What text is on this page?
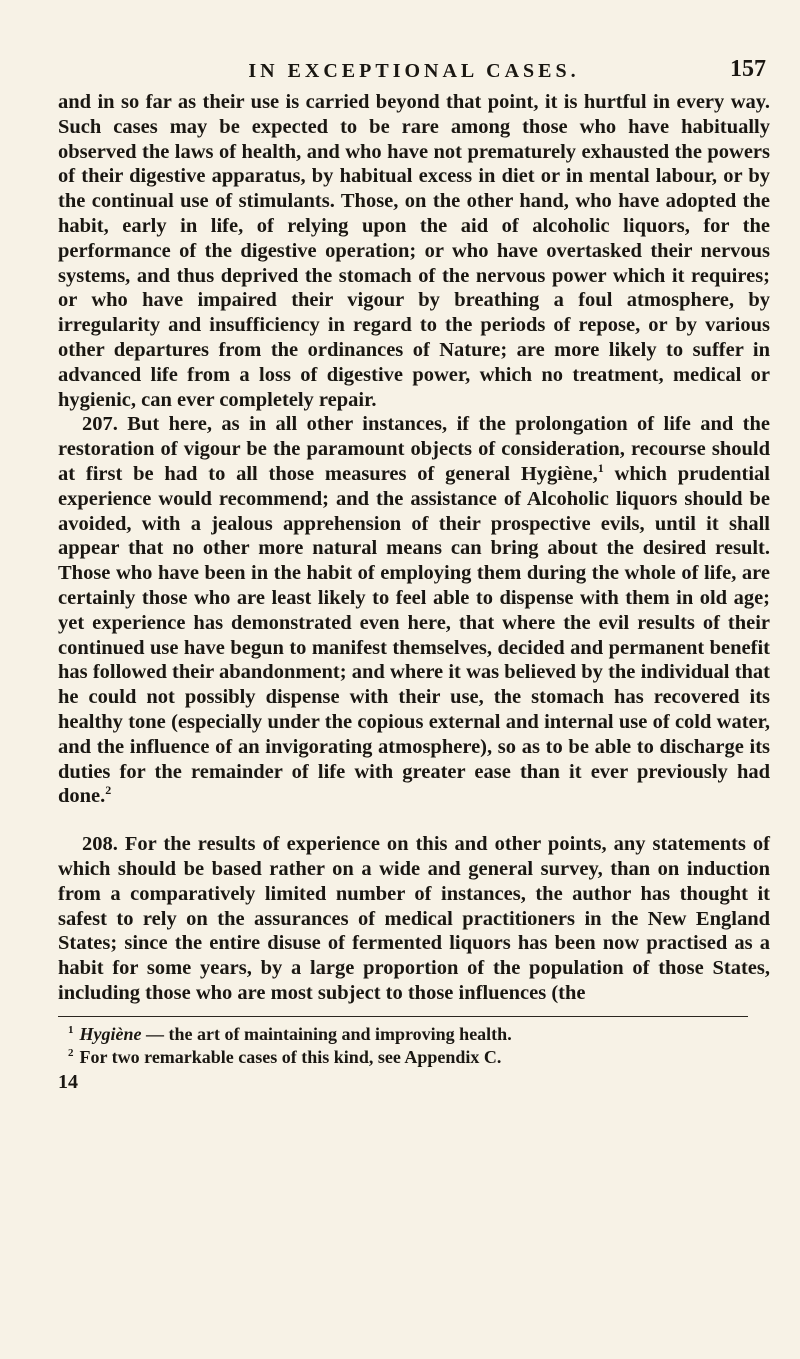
IN EXCEPTIONAL CASES.	157

and in so far as their use is carried beyond that point, it is hurtful in every way. Such cases may be expected to be rare among those who have habitually observed the laws of health, and who have not prematurely exhausted the powers of their digestive apparatus, by habitual excess in diet or in mental labour, or by the continual use of stimulants. Those, on the other hand, who have adopted the habit, early in life, of relying upon the aid of alcoholic liquors, for the performance of the digestive operation; or who have overtasked their nervous systems, and thus deprived the stomach of the nervous power which it requires; or who have impaired their vigour by breathing a foul atmosphere, by irregularity and insufficiency in regard to the periods of repose, or by various other departures from the ordinances of Nature; are more likely to suffer in advanced life from a loss of digestive power, which no treatment, medical or hygienic, can ever completely repair.

207. But here, as in all other instances, if the prolongation of life and the restoration of vigour be the paramount objects of consideration, recourse should at first be had to all those measures of general Hygiène,$^1$ which prudential experience would recommend; and the assistance of Alcoholic liquors should be avoided, with a jealous apprehension of their prospective evils, until it shall appear that no other more natural means can bring about the desired result. Those who have been in the habit of employing them during the whole of life, are certainly those who are least likely to feel able to dispense with them in old age; yet experience has demonstrated even here, that where the evil results of their continued use have begun to manifest themselves, decided and permanent benefit has followed their abandonment; and where it was believed by the individual that he could not possibly dispense with their use, the stomach has recovered its healthy tone (especially under the copious external and internal use of cold water, and the influence of an invigorating atmosphere), so as to be able to discharge its duties for the remainder of life with greater ease than it ever previously had done.$^2$

208. For the results of experience on this and other points, any statements of which should be based rather on a wide and general survey, than on induction from a comparatively limited number of instances, the author has thought it safest to rely on the assurances of medical practitioners in the New England States; since the entire disuse of fermented liquors has been now practised as a habit for some years, by a large proportion of the population of those States, including those who are most subject to those influences (the

$^1$ Hygiène — the art of maintaining and improving health.

$^2$ For two remarkable cases of this kind, see Appendix C.

14
